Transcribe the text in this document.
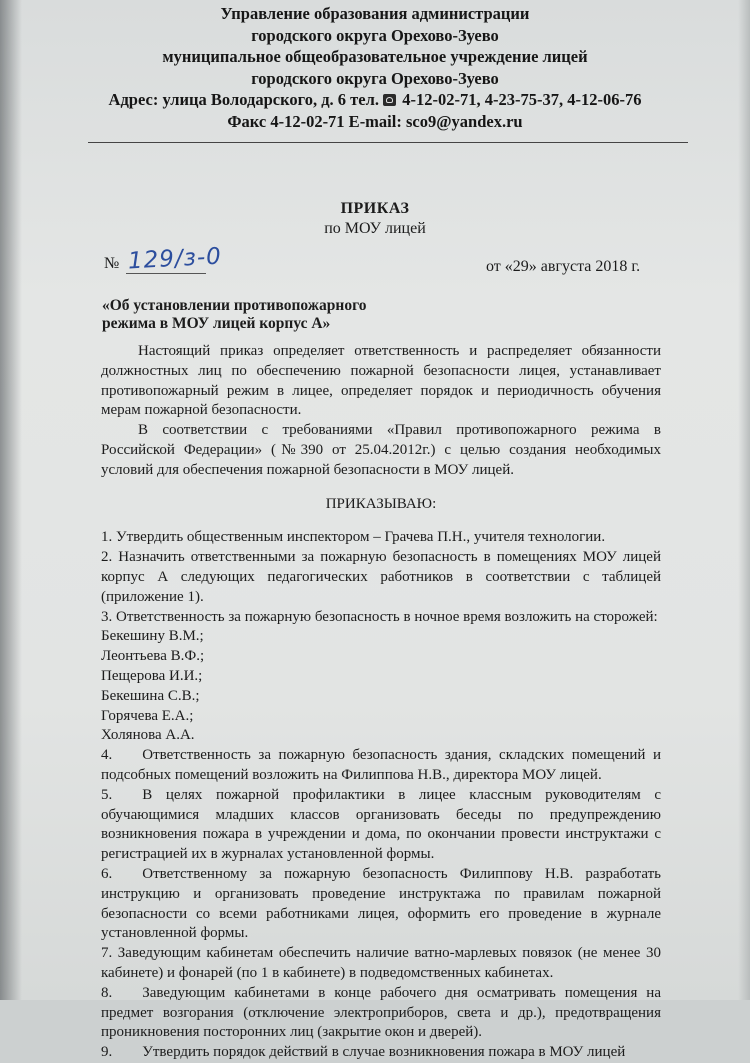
Управление образования администрации
городского округа Орехово-Зуево
муниципальное общеобразовательное учреждение лицей
городского округа Орехово-Зуево
Адрес: улица Володарского, д. 6 тел. 4-12-02-71, 4-23-75-37, 4-12-06-76
Факс 4-12-02-71 E-mail: sco9@yandex.ru
ПРИКАЗ
по МОУ лицей
№ 129/з-0	от «29» августа 2018 г.
«Об установлении противопожарного
режима в МОУ лицей корпус А»

Настоящий приказ определяет ответственность и распределяет обязанности должностных лиц по обеспечению пожарной безопасности лицея, устанавливает противопожарный режим в лицее, определяет порядок и периодичность обучения мерам пожарной безопасности.

В соответствии с требованиями «Правил противопожарного режима в Российской Федерации» (№390 от 25.04.2012г.) с целью создания необходимых условий для обеспечения пожарной безопасности в МОУ лицей.

ПРИКАЗЫВАЮ:

1. Утвердить общественным инспектором – Грачева П.Н., учителя технологии.

2. Назначить ответственными за пожарную безопасность в помещениях МОУ лицей корпус А следующих педагогических работников в соответствии с таблицей (приложение 1).

3. Ответственность за пожарную безопасность в ночное время возложить на сторожей:

Бекешину В.М.;

Леонтьева В.Ф.;

Пещерова И.И.;

Бекешина С.В.;

Горячева Е.А.;

Холянова А.А.

4.  Ответственность за пожарную безопасность здания, складских помещений и подсобных помещений возложить на Филиппова Н.В., директора МОУ лицей.

5.  В целях пожарной профилактики в лицее классным руководителям с обучающимися младших классов организовать беседы по предупреждению возникновения пожара в учреждении и дома, по окончании провести инструктажи с регистрацией их в журналах установленной формы.

6.  Ответственному за пожарную безопасность Филиппову Н.В. разработать инструкцию и организовать проведение инструктажа по правилам пожарной безопасности со всеми работниками лицея, оформить его проведение в журнале установленной формы.

7. Заведующим кабинетам обеспечить наличие ватно-марлевых повязок (не менее 30 кабинете) и фонарей (по 1 в кабинете) в подведомственных кабинетах.

8.  Заведующим кабинетами в конце рабочего дня осматривать помещения на предмет возгорания (отключение электроприборов, света и др.), предотвращения проникновения посторонних лиц (закрытие окон и дверей).

9.  Утвердить порядок действий в случае возникновения пожара в МОУ лицей
